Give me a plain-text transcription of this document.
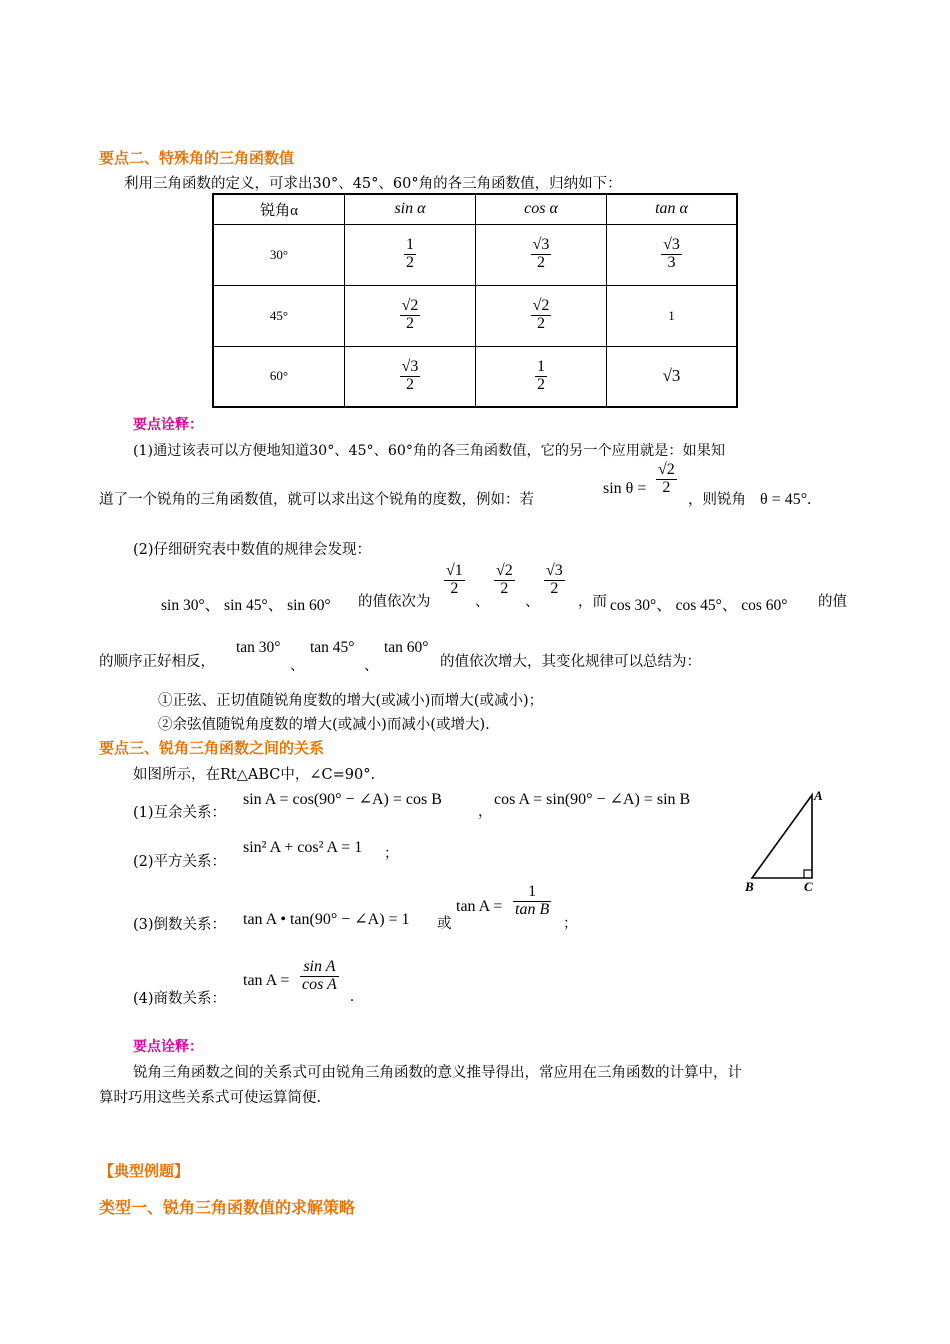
要点二、特殊角的三角函数值
利用三角函数的定义，可求出30°、45°、60°角的各三角函数值，归纳如下：
锐角α	sin α	cos α	tan α
30°	$\frac{1}{2}$	$\frac{√3}{2}$	$\frac{√3}{3}$

45°	$\frac{√2}{2}$	$\frac{√2}{2}$	1
60°	$\frac{√3}{2}$	$\frac{1}{2}$	√3
要点诠释：
(1)通过该表可以方便地知道30°、45°、60°角的各三角函数值，它的另一个应用就是：如果知
道了一个锐角的三角函数值，就可以求出这个锐角的度数，例如：若
$\sin \theta = \frac{√2}{2}$
，则锐角 θ = 45°.
(2)仔细研究表中数值的规律会发现：
sin 30°、 sin 45°、 sin 60° 的值依次为
$\frac{√1}{2}$
、
$\frac{√2}{2}$
、
$\frac{√3}{2}$
，而 cos 30°、 cos 45°、 cos 60° 的值
的顺序正好相反，
tan 30°
、
tan 45°
、
tan 60°
的值依次增大，其变化规律可以总结为：
①正弦、正切值随锐角度数的增大(或减小)而增大(或减小)；
②余弦值随锐角度数的增大(或减小)而减小(或增大).
要点三、锐角三角函数之间的关系
如图所示，在Rt△ABC中，∠C=90°.
(1)互余关系：
sin A = cos(90° − ∠A) = cos B
，
cos A = sin(90° − ∠A) = sin B
(2)平方关系：
sin² A + cos² A = 1 ；
(3)倒数关系： tan A • tan(90° − ∠A) = 1 或
$\tan A = \frac{1}{\text{tan B}}$
；
(4)商数关系：
$\tan A = \frac{\text{sin A}}{\text{cos A}}$
.
A
B	C
要点诠释：
锐角三角函数之间的关系式可由锐角三角函数的意义推导得出，常应用在三角函数的计算中，计
算时巧用这些关系式可使运算简便.
【典型例题】
类型一、锐角三角函数值的求解策略
